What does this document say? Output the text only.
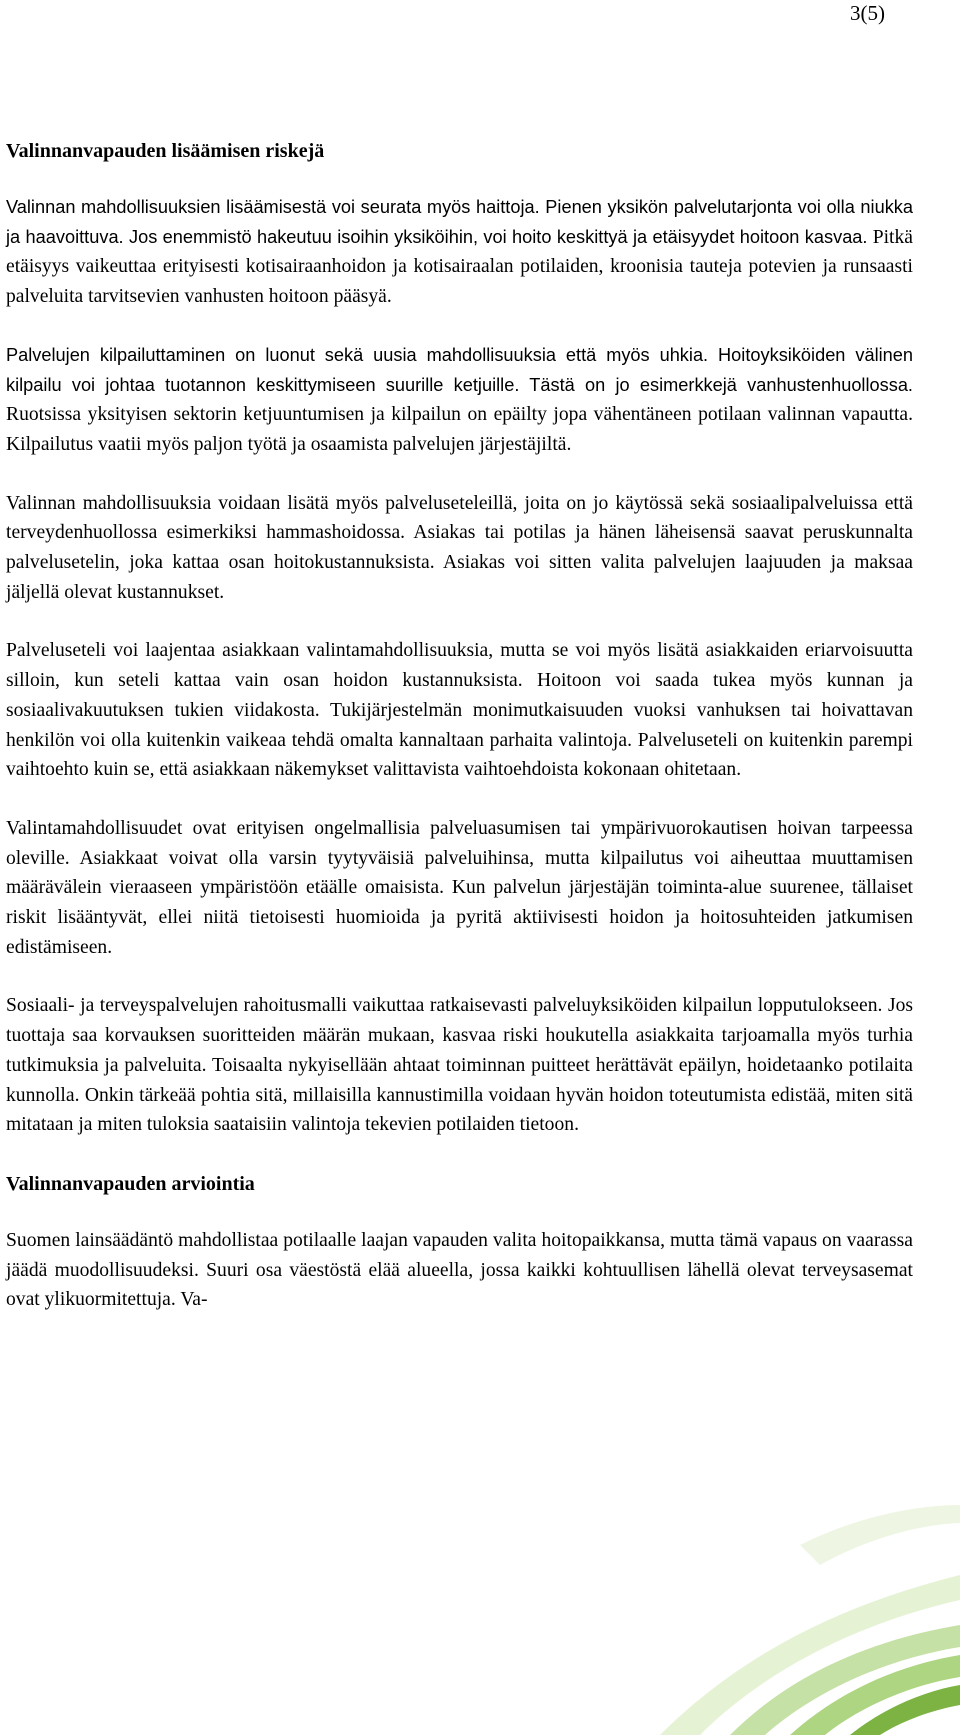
3(5)
Valinnanvapauden lisäämisen riskejä

Valinnan mahdollisuuksien lisäämisestä voi seurata myös haittoja. Pienen yksikön palvelutarjonta voi olla niukka ja haavoittuva. Jos enemmistö hakeutuu isoihin yksiköihin, voi hoito keskittyä ja etäisyydet hoitoon kasvaa. Pitkä etäisyys vaikeuttaa erityisesti kotisairaanhoidon ja kotisairaalan potilaiden, kroonisia tauteja potevien ja runsaasti palveluita tarvitsevien vanhusten hoitoon pääsyä.

Palvelujen kilpailuttaminen on luonut sekä uusia mahdollisuuksia että myös uhkia. Hoitoyksiköiden välinen kilpailu voi johtaa tuotannon keskittymiseen suurille ketjuille. Tästä on jo esimerkkejä vanhustenhuollossa. Ruotsissa yksityisen sektorin ketjuuntumisen ja kilpailun on epäilty jopa vähentäneen potilaan valinnan vapautta. Kilpailutus vaatii myös paljon työtä ja osaamista palvelujen järjestäjiltä.

Valinnan mahdollisuuksia voidaan lisätä myös palveluseteleillä, joita on jo käytössä sekä sosiaalipalveluissa että terveydenhuollossa esimerkiksi hammashoidossa. Asiakas tai potilas ja hänen läheisensä saavat peruskunnalta palvelusetelin, joka kattaa osan hoitokustannuksista. Asiakas voi sitten valita palvelujen laajuuden ja maksaa jäljellä olevat kustannukset.

Palveluseteli voi laajentaa asiakkaan valintamahdollisuuksia, mutta se voi myös lisätä asiakkaiden eriarvoisuutta silloin, kun seteli kattaa vain osan hoidon kustannuksista. Hoitoon voi saada tukea myös kunnan ja sosiaalivakuutuksen tukien viidakosta. Tukijärjestelmän monimutkaisuuden vuoksi vanhuksen tai hoivattavan henkilön voi olla kuitenkin vaikeaa tehdä omalta kannaltaan parhaita valintoja. Palveluseteli on kuitenkin parempi vaihtoehto kuin se, että asiakkaan näkemykset valittavista vaihtoehdoista kokonaan ohitetaan.

Valintamahdollisuudet ovat erityisen ongelmallisia palveluasumisen tai ympärivuorokautisen hoivan tarpeessa oleville. Asiakkaat voivat olla varsin tyytyväisiä palveluihinsa, mutta kilpailutus voi aiheuttaa muuttamisen määrävälein vieraaseen ympäristöön etäälle omaisista. Kun palvelun järjestäjän toiminta-alue suurenee, tällaiset riskit lisääntyvät, ellei niitä tietoisesti huomioida ja pyritä aktiivisesti hoidon ja hoitosuhteiden jatkumisen edistämiseen.

Sosiaali- ja terveyspalvelujen rahoitusmalli vaikuttaa ratkaisevasti palveluyksiköiden kilpailun lopputulokseen. Jos tuottaja saa korvauksen suoritteiden määrän mukaan, kasvaa riski houkutella asiakkaita tarjoamalla myös turhia tutkimuksia ja palveluita. Toisaalta nykyisellään ahtaat toiminnan puitteet herättävät epäilyn, hoidetaanko potilaita kunnolla. Onkin tärkeää pohtia sitä, millaisilla kannustimilla voidaan hyvän hoidon toteutumista edistää, miten sitä mitataan ja miten tuloksia saataisiin valintoja tekevien potilaiden tietoon.

Valinnanvapauden arviointia

Suomen lainsäädäntö mahdollistaa potilaalle laajan vapauden valita hoitopaikkansa, mutta tämä vapaus on vaarassa jäädä muodollisuudeksi. Suuri osa väestöstä elää alueella, jossa kaikki kohtuullisen lähellä olevat terveysasemat ovat ylikuormitettuja. Va-
